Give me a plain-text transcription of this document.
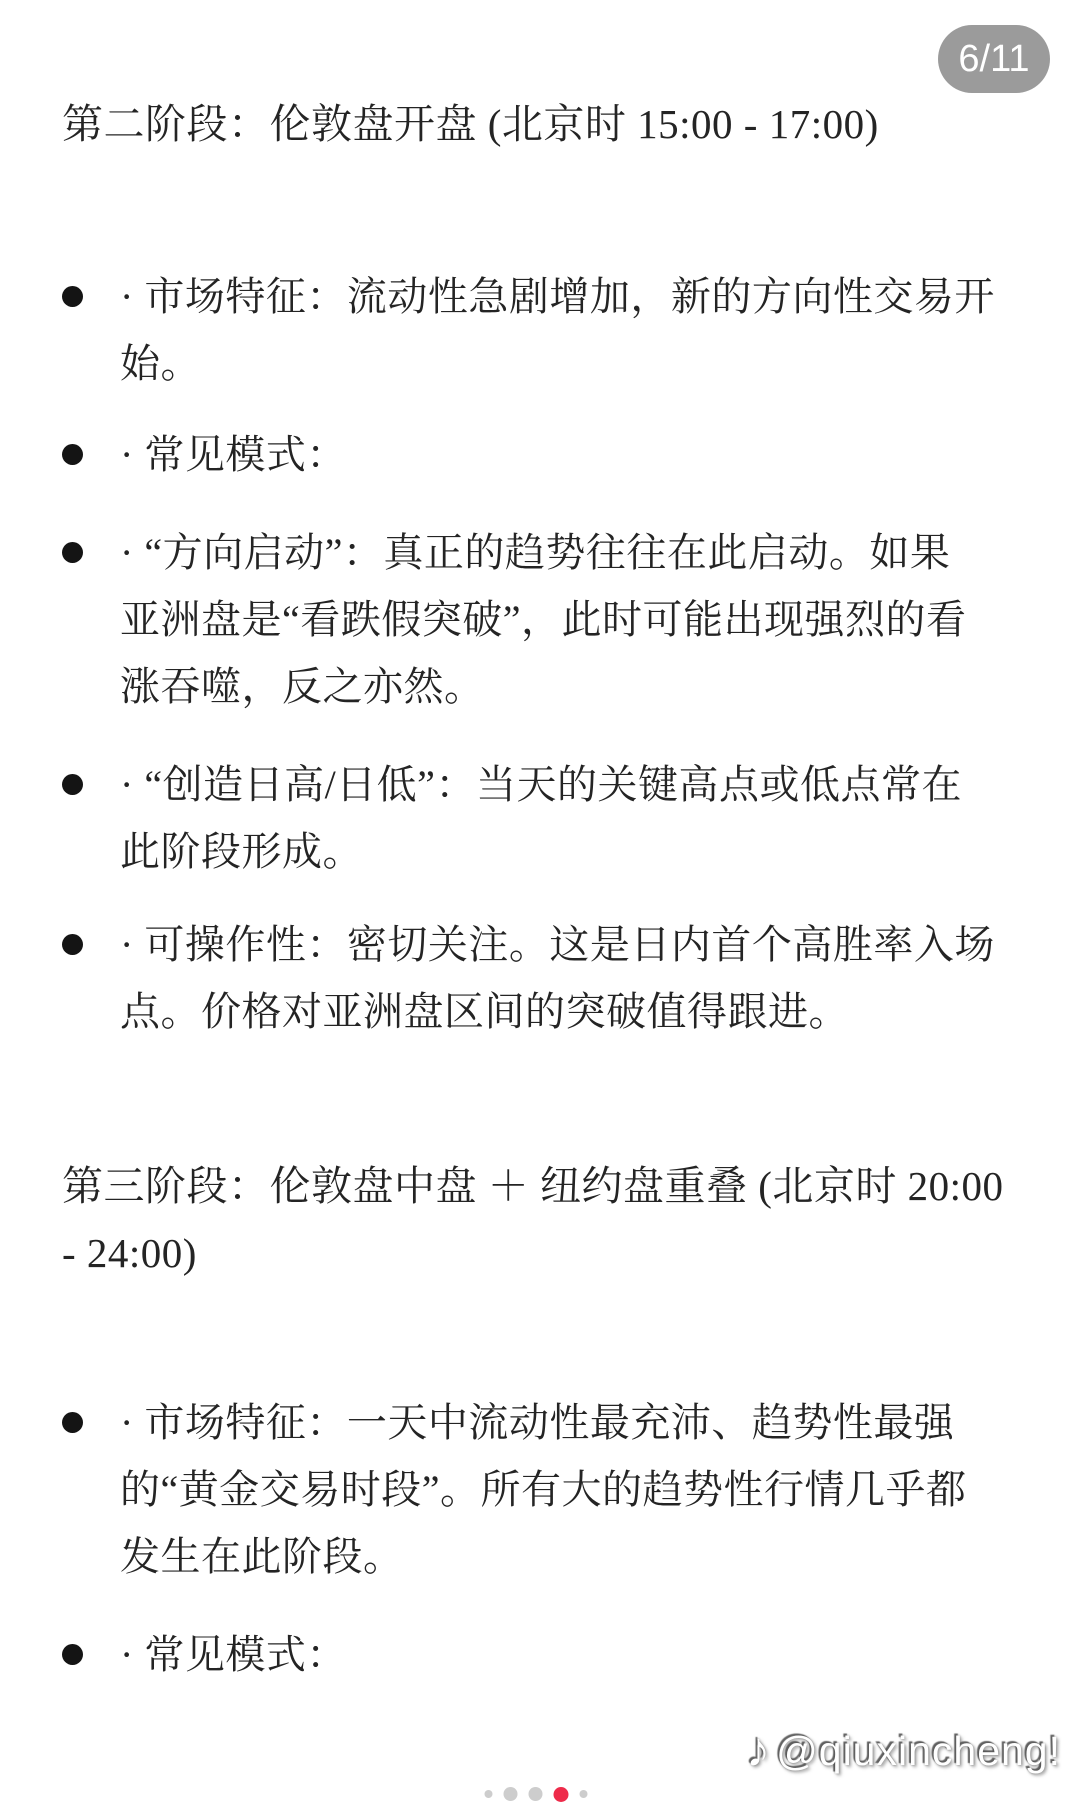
6/11
第二阶段：伦敦盘开盘 (北京时 15:00 - 17:00)
· 市场特征：流动性急剧增加，新的方向性交易开
始。
· 常见模式：
· “方向启动”：真正的趋势往往在此启动。如果
亚洲盘是“看跌假突破”，此时可能出现强烈的看
涨吞噬，反之亦然。
· “创造日高/日低”：当天的关键高点或低点常在
此阶段形成。
· 可操作性：密切关注。这是日内首个高胜率入场
点。价格对亚洲盘区间的突破值得跟进。
第三阶段：伦敦盘中盘 ＋ 纽约盘重叠 (北京时 20:00
- 24:00)
· 市场特征：一天中流动性最充沛、趋势性最强
的“黄金交易时段”。所有大的趋势性行情几乎都
发生在此阶段。
· 常见模式：
♪ @qiuxincheng!
